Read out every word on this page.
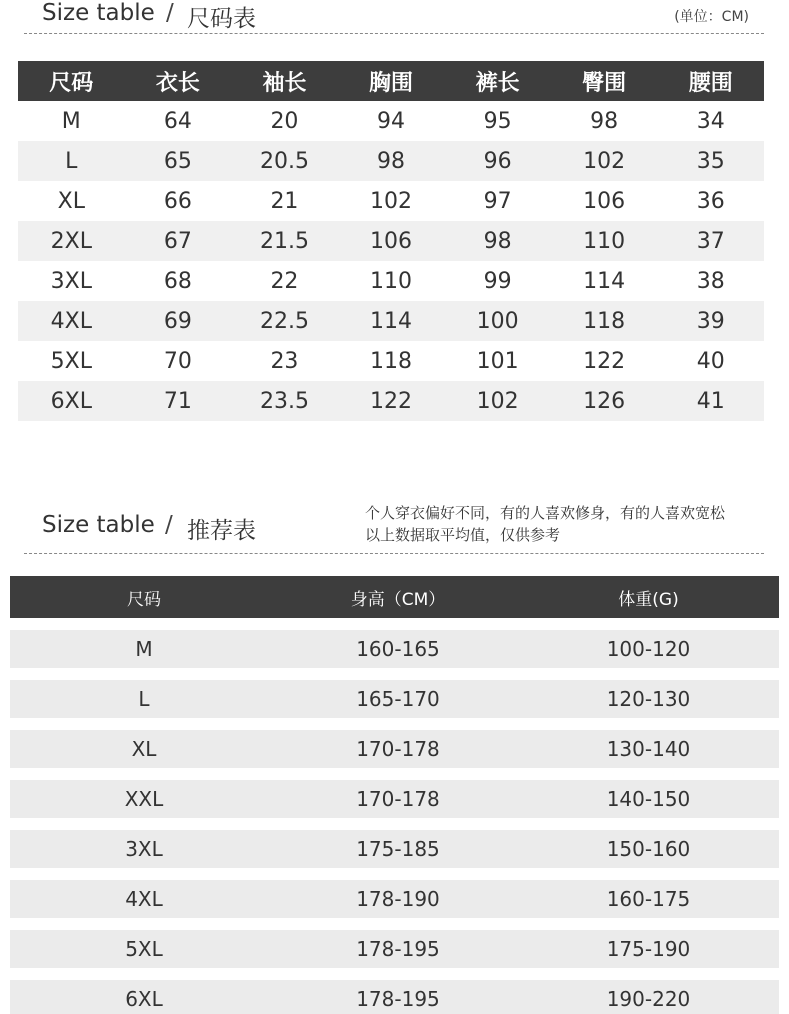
Size table / 尺码表	(单位：CM)
尺码	衣长	袖长	胸围	裤长	臀围	腰围
M	64	20	94	95	98	34
L	65	20.5	98	96	102	35
XL	66	21	102	97	106	36
2XL	67	21.5	106	98	110	37
3XL	68	22	110	99	114	38
4XL	69	22.5	114	100	118	39
5XL	70	23	118	101	122	40
6XL	71	23.5	122	102	126	41
Size table / 推荐表
个人穿衣偏好不同，有的人喜欢修身，有的人喜欢宽松
以上数据取平均值，仅供参考
尺码	身高（CM）	体重(G)
M	160-165	100-120
L	165-170	120-130
XL	170-178	130-140
XXL	170-178	140-150
3XL	175-185	150-160
4XL	178-190	160-175
5XL	178-195	175-190
6XL	178-195	190-220
